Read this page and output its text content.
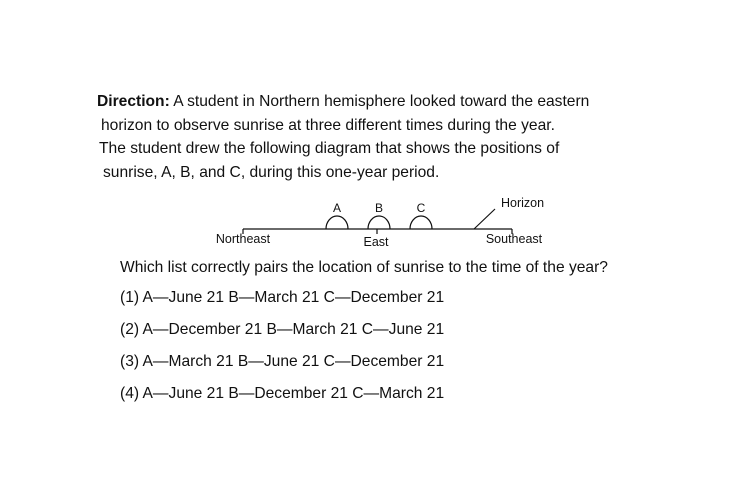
Direction: A student in Northern hemisphere looked toward the eastern
horizon to observe sunrise at three different times during the year.
The student drew the following diagram that shows the positions of
sunrise, A, B, and C, during this one-year period.
A	B	C	Horizon
Northeast	East	Southeast
Which list correctly pairs the location of sunrise to the time of the year?
(1) A—June 21 B—March 21 C—December 21
(2) A—December 21 B—March 21 C—June 21
(3) A—March 21 B—June 21 C—December 21
(4) A—June 21 B—December 21 C—March 21
